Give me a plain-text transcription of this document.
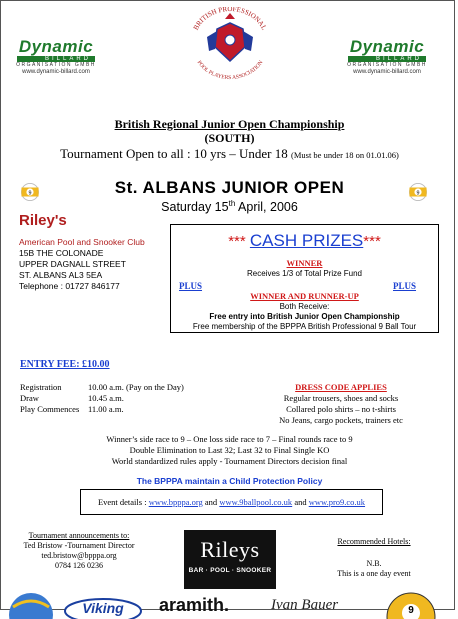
Dynamic
BILLARD
ORGANISATION GMBH
www.dynamic-billard.com
Dynamic
BILLARD
ORGANISATION GMBH
www.dynamic-billard.com
BRITISH PROFESSIONAL
POOL PLAYERS ASSOCIATION
British Regional Junior Open Championship
(SOUTH)
Tournament Open to all : 10 yrs – Under 18 (Must be under 18 on 01.01.06)
9	9
St. ALBANS JUNIOR OPEN
Saturday 15th April, 2006
Riley's
American Pool and Snooker Club
15B THE COLONADE
UPPER DAGNALL STREET
ST. ALBANS AL3 5EA
Telephone : 01727 846177
*** CASH PRIZES***
WINNER
Receives 1/3 of Total Prize Fund
PLUS	PLUS
WINNER AND RUNNER-UP
Both Receive:
Free entry into British Junior Open Championship
Free membership of the BPPPA British Professional 9 Ball Tour
ENTRY FEE: £10.00
Registration	10.00 a.m. (Pay on the Day)
Draw	10.45 a.m.
Play Commences 11.00 a.m.
DRESS CODE APPLIES
Regular trousers, shoes and socks
Collared polo shirts – no t-shirts
No Jeans, cargo pockets, trainers etc
Winner’s side race to 9 – One loss side race to 7 – Final rounds race to 9
Double Elimination to Last 32; Last 32 to Final Single KO
World standardized rules apply - Tournament Directors decision final
The BPPPA maintain a Child Protection Policy
Event details : www.bpppa.org and www.9ballpool.co.uk and www.pro9.co.uk
Tournament announcements to:
Ted Bristow -Tournament Director
ted.bristow@bpppa.org
0784 126 0236
Rileys
BAR · POOL · SNOOKER
Recommended Hotels:
N.B.
This is a one day event
Viking aramith.	Ivan Bauer	9
